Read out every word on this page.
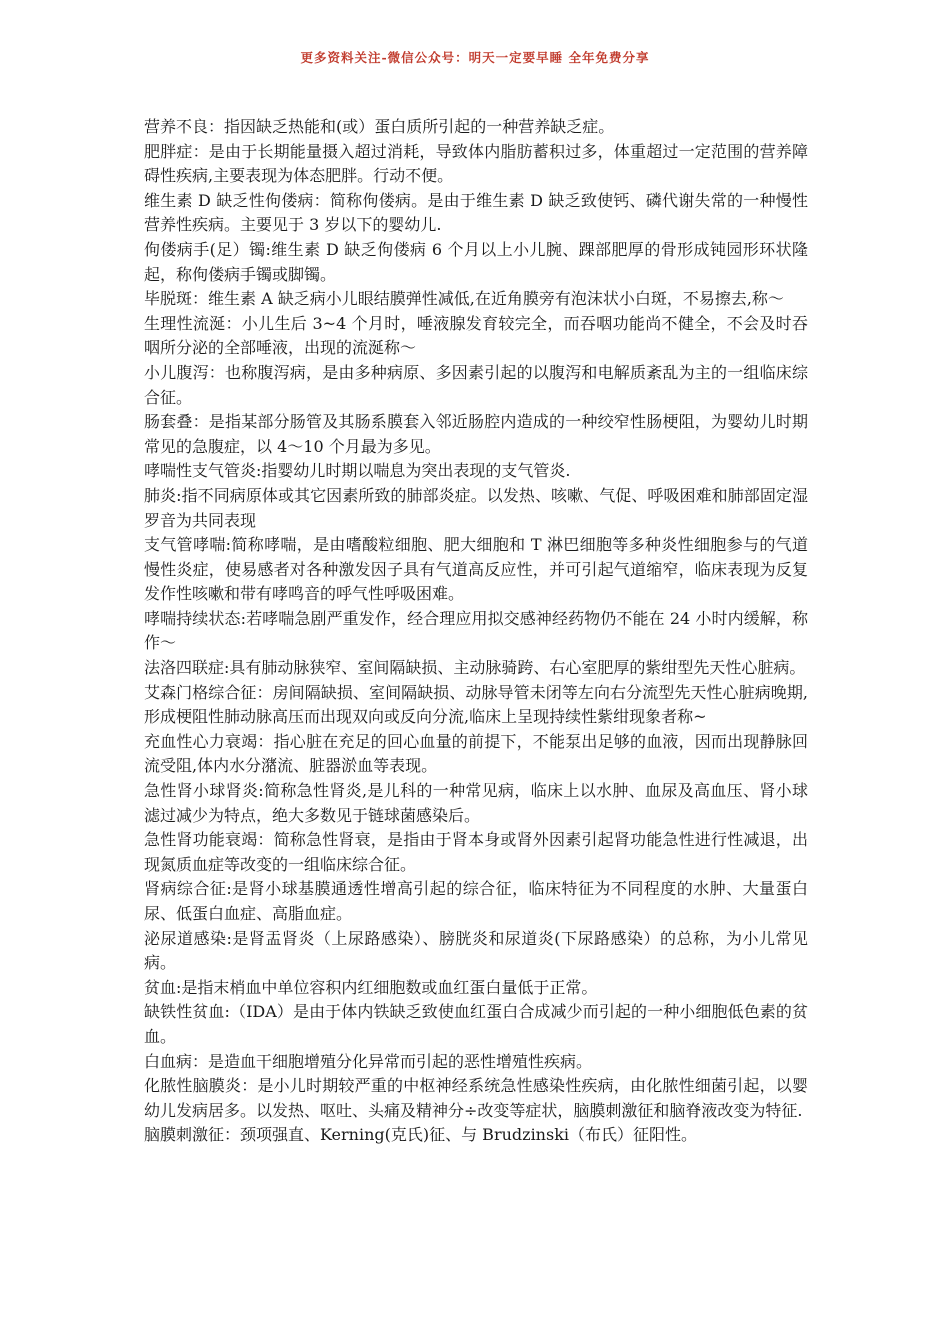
更多资料关注-微信公众号：明天一定要早睡 全年免费分享

营养不良：指因缺乏热能和(或）蛋白质所引起的一种营养缺乏症。

肥胖症：是由于长期能量摄入超过消耗，导致体内脂肪蓄积过多，体重超过一定范围的营养障碍性疾病,主要表现为体态肥胖。行动不便。

维生素 D 缺乏性佝偻病：简称佝偻病。是由于维生素 D 缺乏致使钙、磷代谢失常的一种慢性营养性疾病。主要见于 3 岁以下的婴幼儿.

佝偻病手(足）镯:维生素 D 缺乏佝偻病 6 个月以上小儿腕、踝部肥厚的骨形成钝园形环状隆起，称佝偻病手镯或脚镯。

毕脱斑：维生素 A 缺乏病小儿眼结膜弹性减低,在近角膜旁有泡沫状小白斑，不易擦去,称～

生理性流涎：小儿生后 3~4 个月时，唾液腺发育较完全，而吞咽功能尚不健全，不会及时吞咽所分泌的全部唾液，出现的流涎称～

小儿腹泻：也称腹泻病，是由多种病原、多因素引起的以腹泻和电解质紊乱为主的一组临床综合征。

肠套叠：是指某部分肠管及其肠系膜套入邻近肠腔内造成的一种绞窄性肠梗阻，为婴幼儿时期常见的急腹症，以 4～10 个月最为多见。

哮喘性支气管炎:指婴幼儿时期以喘息为突出表现的支气管炎.

肺炎:指不同病原体或其它因素所致的肺部炎症。以发热、咳嗽、气促、呼吸困难和肺部固定湿罗音为共同表现

支气管哮喘:简称哮喘，是由嗜酸粒细胞、肥大细胞和 T 淋巴细胞等多种炎性细胞参与的气道慢性炎症，使易感者对各种激发因子具有气道高反应性，并可引起气道缩窄，临床表现为反复发作性咳嗽和带有哮鸣音的呼气性呼吸困难。

哮喘持续状态:若哮喘急剧严重发作，经合理应用拟交感神经药物仍不能在 24 小时内缓解，称作～

法洛四联症:具有肺动脉狭窄、室间隔缺损、主动脉骑跨、右心室肥厚的紫绀型先天性心脏病。

艾森门格综合征：房间隔缺损、室间隔缺损、动脉导管未闭等左向右分流型先天性心脏病晚期,形成梗阻性肺动脉高压而出现双向或反向分流,临床上呈现持续性紫绀现象者称~

充血性心力衰竭：指心脏在充足的回心血量的前提下，不能泵出足够的血液，因而出现静脉回流受阻,体内水分潴流、脏器淤血等表现。

急性肾小球肾炎:简称急性肾炎,是儿科的一种常见病，临床上以水肿、血尿及高血压、肾小球滤过减少为特点，绝大多数见于链球菌感染后。

急性肾功能衰竭：简称急性肾衰，是指由于肾本身或肾外因素引起肾功能急性进行性减退，出现氮质血症等改变的一组临床综合征。

肾病综合征:是肾小球基膜通透性增高引起的综合征，临床特征为不同程度的水肿、大量蛋白尿、低蛋白血症、高脂血症。

泌尿道感染:是肾盂肾炎（上尿路感染）、膀胱炎和尿道炎(下尿路感染）的总称，为小儿常见病。

贫血:是指末梢血中单位容积内红细胞数或血红蛋白量低于正常。

缺铁性贫血:（IDA）是由于体内铁缺乏致使血红蛋白合成减少而引起的一种小细胞低色素的贫血。

白血病：是造血干细胞增殖分化异常而引起的恶性增殖性疾病。

化脓性脑膜炎：是小儿时期较严重的中枢神经系统急性感染性疾病，由化脓性细菌引起，以婴幼儿发病居多。以发热、呕吐、头痛及精神分÷改变等症状，脑膜刺激征和脑脊液改变为特征.

脑膜刺激征：颈项强直、Kerning(克氏)征、与 Brudzinski（布氏）征阳性。
